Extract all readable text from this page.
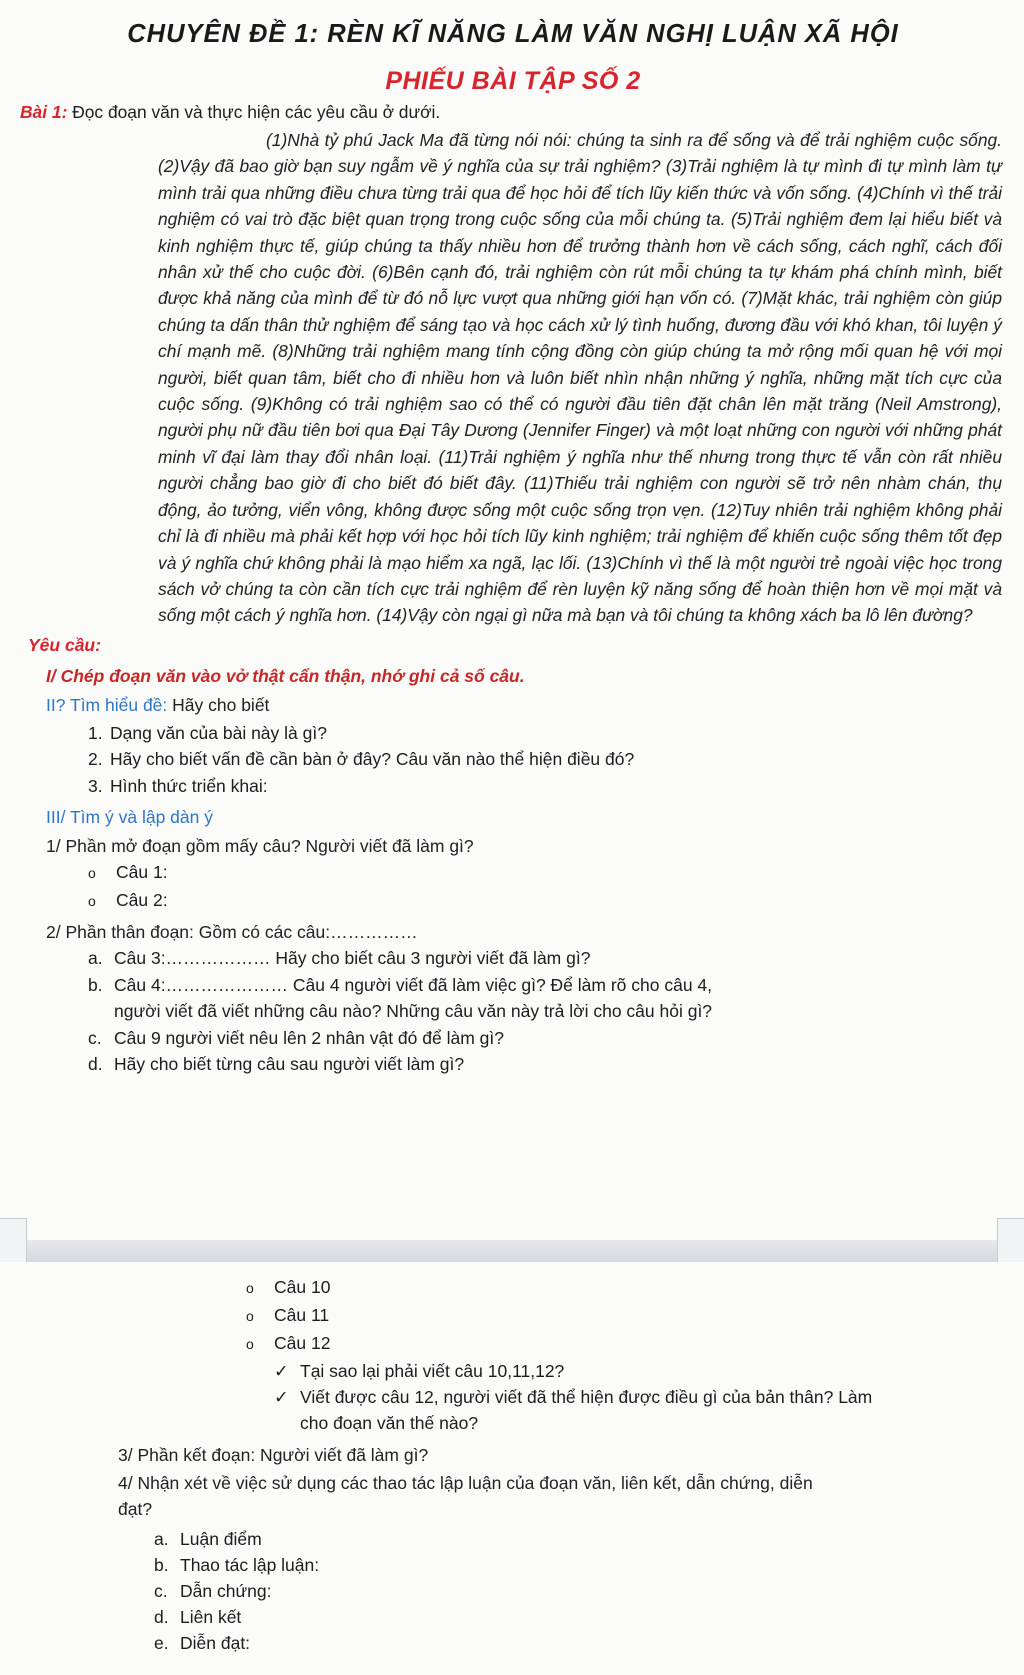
CHUYÊN ĐỀ 1: RÈN KĨ NĂNG LÀM VĂN NGHỊ LUẬN XÃ HỘI
PHIẾU BÀI TẬP SỐ 2
Bài 1: Đọc đoạn văn và thực hiện các yêu cầu ở dưới.
(1)Nhà tỷ phú Jack Ma đã từng nói nói: chúng ta sinh ra để sống và để trải nghiệm cuộc sống. (2)Vậy đã bao giờ bạn suy ngẫm về ý nghĩa của sự trải nghiệm? (3)Trải nghiệm là tự mình đi tự mình làm tự mình trải qua những điều chưa từng trải qua để học hỏi để tích lũy kiến thức và vốn sống. (4)Chính vì thế trải nghiệm có vai trò đặc biệt quan trọng trong cuộc sống của mỗi chúng ta. (5)Trải nghiệm đem lại hiểu biết và kinh nghiệm thực tế, giúp chúng ta thấy nhiều hơn để trưởng thành hơn về cách sống, cách nghĩ, cách đối nhân xử thế cho cuộc đời. (6)Bên cạnh đó, trải nghiệm còn rút mỗi chúng ta tự khám phá chính mình, biết được khả năng của mình để từ đó nỗ lực vượt qua những giới hạn vốn có. (7)Mặt khác, trải nghiệm còn giúp chúng ta dấn thân thử nghiệm để sáng tạo và học cách xử lý tình huống, đương đầu với khó khan, tôi luyện ý chí mạnh mẽ. (8)Những trải nghiệm mang tính cộng đồng còn giúp chúng ta mở rộng mối quan hệ với mọi người, biết quan tâm, biết cho đi nhiều hơn và luôn biết nhìn nhận những ý nghĩa, những mặt tích cực của cuộc sống. (9)Không có trải nghiệm sao có thể có người đầu tiên đặt chân lên mặt trăng (Neil Amstrong), người phụ nữ đầu tiên bơi qua Đại Tây Dương (Jennifer Finger) và một loạt những con người với những phát minh vĩ đại làm thay đổi nhân loại. (11)Trải nghiệm ý nghĩa như thế nhưng trong thực tế vẫn còn rất nhiều người chẳng bao giờ đi cho biết đó biết đây. (11)Thiếu trải nghiệm con người sẽ trở nên nhàm chán, thụ động, ảo tưởng, viển vông, không được sống một cuộc sống trọn vẹn. (12)Tuy nhiên trải nghiệm không phải chỉ là đi nhiều mà phải kết hợp với học hỏi tích lũy kinh nghiệm; trải nghiệm để khiến cuộc sống thêm tốt đẹp và ý nghĩa chứ không phải là mạo hiểm xa ngã, lạc lối. (13)Chính vì thế là một người trẻ ngoài việc học trong sách vở chúng ta còn cần tích cực trải nghiệm để rèn luyện kỹ năng sống để hoàn thiện hơn về mọi mặt và sống một cách ý nghĩa hơn. (14)Vậy còn ngại gì nữa mà bạn và tôi chúng ta không xách ba lô lên đường?
Yêu cầu:
I/ Chép đoạn văn vào vở thật cẩn thận, nhớ ghi cả số câu.
II? Tìm hiểu đề: Hãy cho biết
1. Dạng văn của bài này là gì?
2. Hãy cho biết vấn đề cần bàn ở đây? Câu văn nào thể hiện điều đó?
3. Hình thức triển khai:
III/ Tìm ý và lập dàn ý
1/ Phần mở đoạn gồm mấy câu? Người viết đã làm gì?
o Câu 1:
o Câu 2:
2/ Phần thân đoạn: Gồm có các câu:……………
a. Câu 3:……………… Hãy cho biết câu 3 người viết đã làm gì?
b. Câu 4:………………… Câu 4 người viết đã làm việc gì? Để làm rõ cho câu 4,
người viết đã viết những câu nào? Những câu văn này trả lời cho câu hỏi gì?
c. Câu 9 người viết nêu lên 2 nhân vật đó để làm gì?
d. Hãy cho biết từng câu sau người viết làm gì?
o Câu 10
o Câu 11
o Câu 12
✓ Tại sao lại phải viết câu 10,11,12?
✓ Viết được câu 12, người viết đã thể hiện được điều gì của bản thân? Làm
cho đoạn văn thế nào?
3/ Phần kết đoạn: Người viết đã làm gì?
4/ Nhận xét về việc sử dụng các thao tác lập luận của đoạn văn, liên kết, dẫn chứng, diễn
đạt?
a. Luận điểm
b. Thao tác lập luận:
c. Dẫn chứng:
d. Liên kết
e. Diễn đạt:
